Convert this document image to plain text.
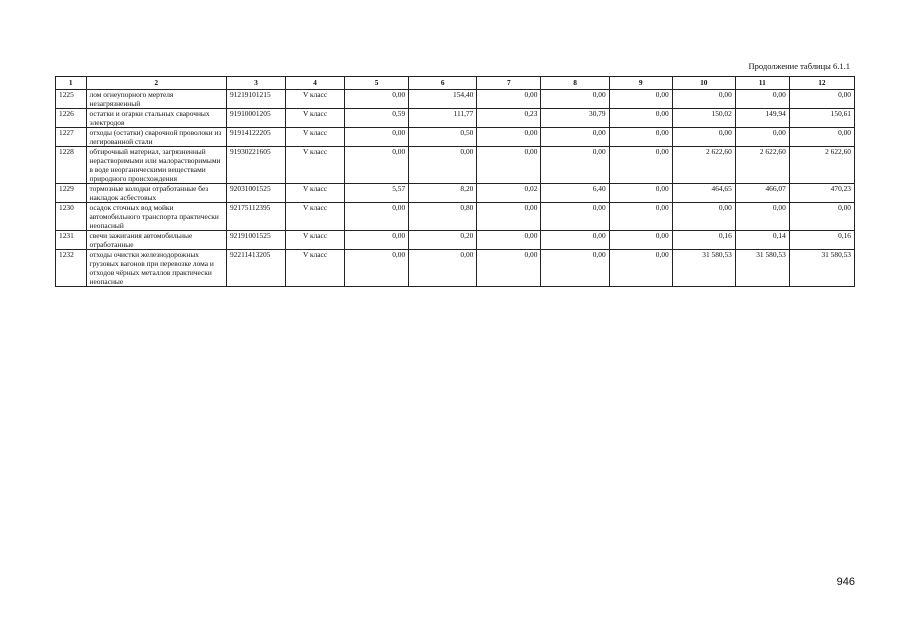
Продолжение таблицы 6.1.1
1	2	3	4	5	6	7	8	9	10	11	12
1225	лом огнеупорного мертеля незагрязненный	91219101215	V класс	0,00	154,40	0,00	0,00	0,00	0,00	0,00	0,00
1226	остатки и огарки стальных сварочных электродов	91910001205	V класс	0,59	111,77	0,23	30,79	0,00	150,02	149,94	150,61
1227	отходы (остатки) сварочной проволоки из легированной стали	91914122205	V класс	0,00	0,50	0,00	0,00	0,00	0,00	0,00	0,00
1228	обтирочный материал, загрязненный нерастворимыми или малорастворимыми в воде неорганическими веществами природного происхождения	91930221605	V класс	0,00	0,00	0,00	0,00	0,00	2 622,60	2 622,60	2 622,60
1229	тормозные колодки отработанные без накладок асбестовых	92031001525	V класс	5,57	8,20	0,02	6,40	0,00	464,65	466,07	470,23
1230	осадок сточных вод мойки автомобильного транспорта практически неопасный	92175112395	V класс	0,00	0,80	0,00	0,00	0,00	0,00	0,00	0,00
1231	свечи зажигания автомобильные отработанные	92191001525	V класс	0,00	0,20	0,00	0,00	0,00	0,16	0,14	0,16
1232	отходы очистки железнодорожных грузовых вагонов при перевозке лома и отходов чёрных металлов практически неопасные	92211413205	V класс	0,00	0,00	0,00	0,00	0,00	31 580,53	31 580,53	31 580,53
946
